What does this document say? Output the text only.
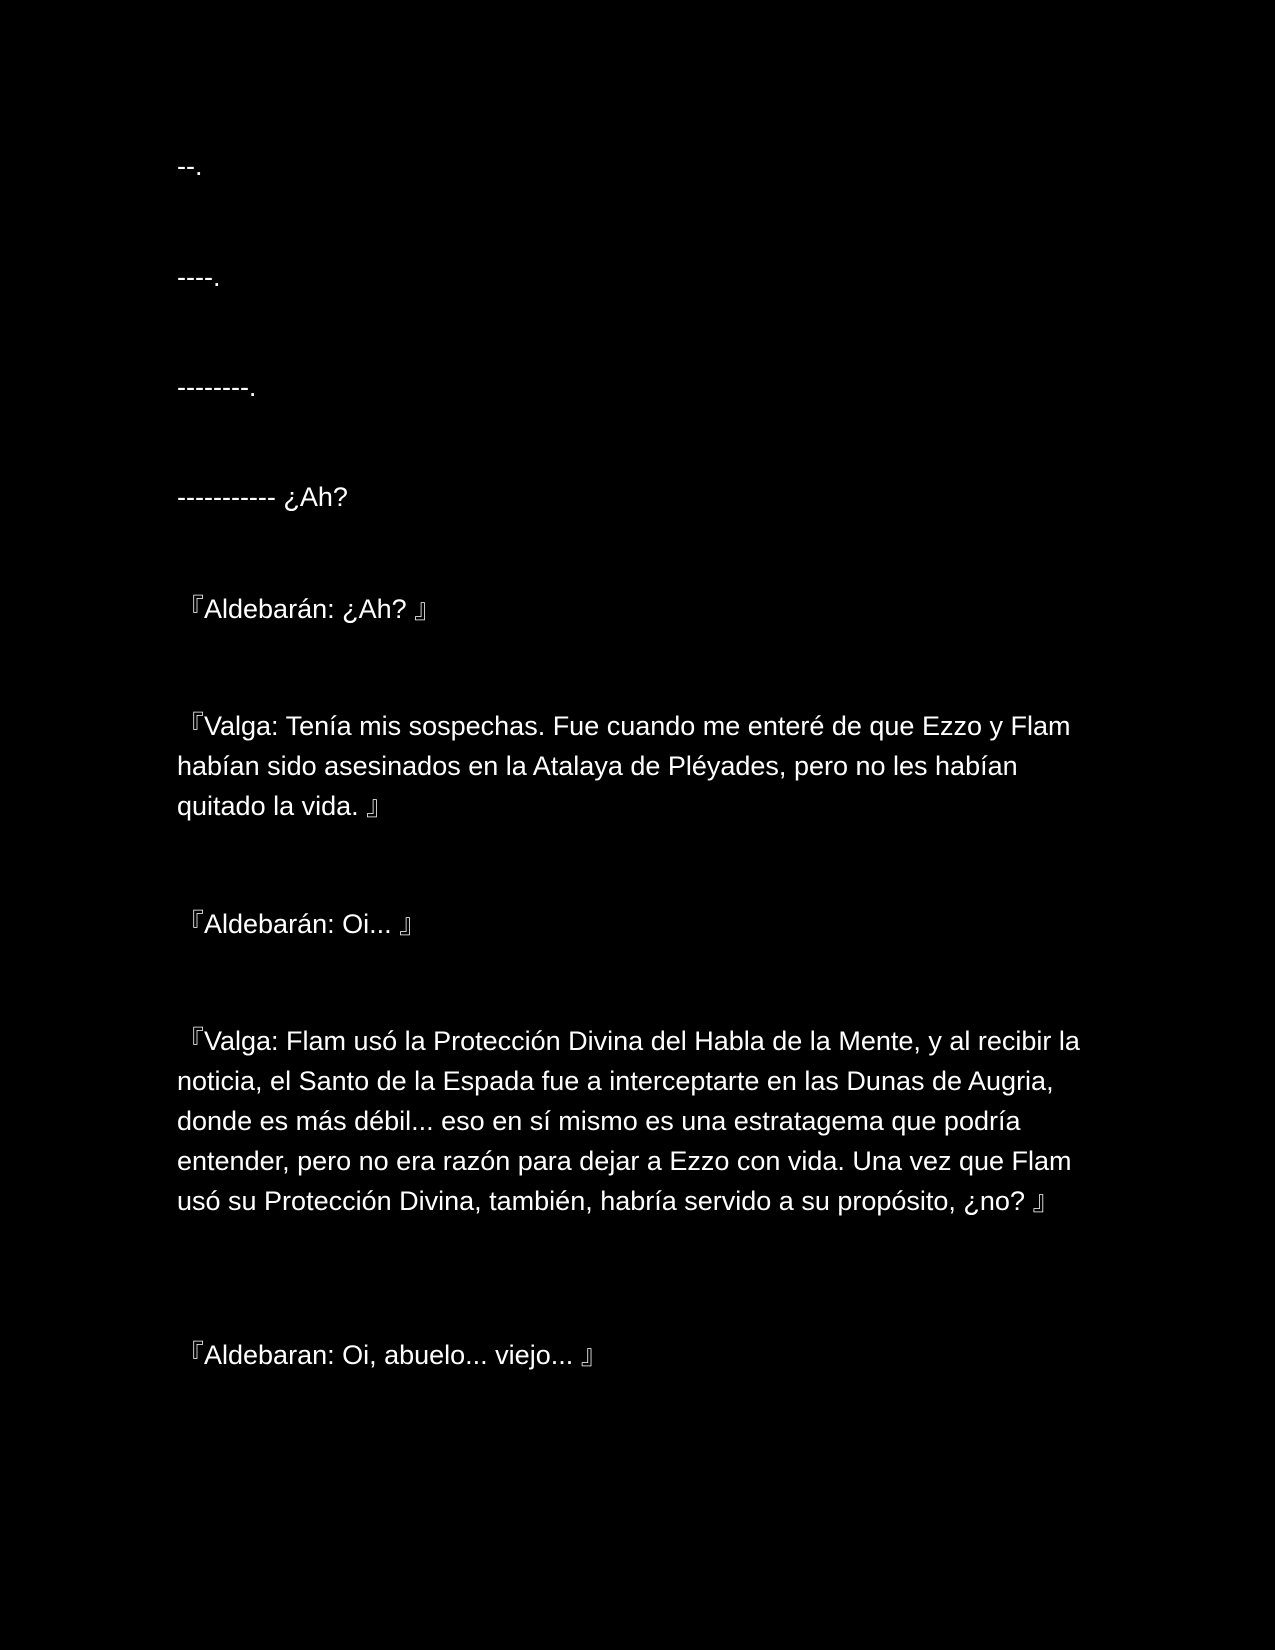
--.

----.

--------.

----------- ¿Ah?

『Aldebarán: ¿Ah? 』

『Valga: Tenía mis sospechas. Fue cuando me enteré de que Ezzo y Flam habían sido asesinados en la Atalaya de Pléyades, pero no les habían quitado la vida. 』

『Aldebarán: Oi... 』

『Valga: Flam usó la Protección Divina del Habla de la Mente, y al recibir la noticia, el Santo de la Espada fue a interceptarte en las Dunas de Augria, donde es más débil... eso en sí mismo es una estratagema que podría entender, pero no era razón para dejar a Ezzo con vida. Una vez que Flam usó su Protección Divina, también, habría servido a su propósito, ¿no? 』

『Aldebaran: Oi, abuelo... viejo... 』
